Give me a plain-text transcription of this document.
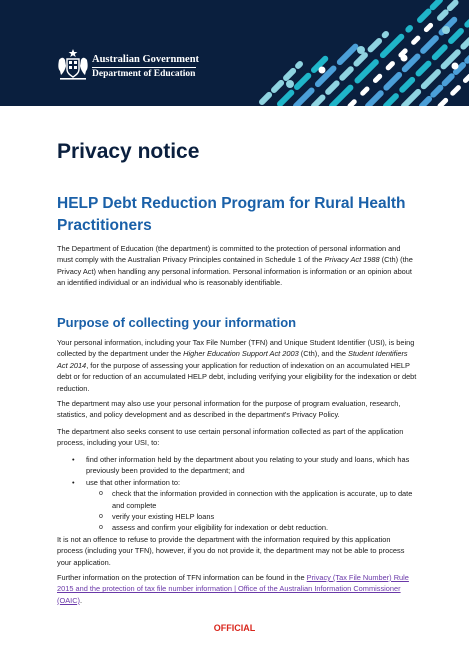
Australian Government
Department of Education
Privacy notice
HELP Debt Reduction Program for Rural Health Practitioners

The Department of Education (the department) is committed to the protection of personal information and must comply with the Australian Privacy Principles contained in Schedule 1 of the Privacy Act 1988 (Cth) (the Privacy Act) when handling any personal information. Personal information is information or an opinion about an identified individual or an individual who is reasonably identifiable.

Purpose of collecting your information

Your personal information, including your Tax File Number (TFN) and Unique Student Identifier (USI), is being collected by the department under the Higher Education Support Act 2003 (Cth), and the Student Identifiers Act 2014, for the purpose of assessing your application for reduction of indexation on an accumulated HELP debt or for reduction of an accumulated HELP debt, including verifying your eligibility for the indexation or debt reduction.

The department may also use your personal information for the purpose of program evaluation, research, statistics, and policy development and as described in the department's Privacy Policy.

The department also seeks consent to use certain personal information collected as part of the application process, including your USI, to:

• find other information held by the department about you relating to your study and loans, which has previously been provided to the department; and
• use that other information to:
o check that the information provided in connection with the application is accurate, up to date and complete
o verify your existing HELP loans
o assess and confirm your eligibility for indexation or debt reduction.

It is not an offence to refuse to provide the department with the information required by this application process (including your TFN), however, if you do not provide it, the department may not be able to process your application.

Further information on the protection of TFN information can be found in the Privacy (Tax File Number) Rule 2015 and the protection of tax file number information | Office of the Australian Information Commissioner (OAIC).

OFFICIAL
